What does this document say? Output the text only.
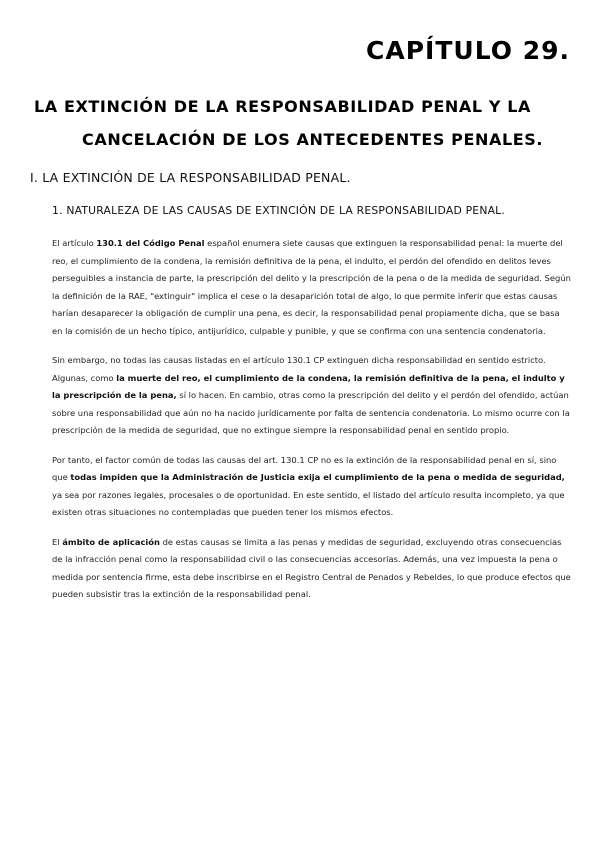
CAPÍTULO 29.
LA EXTINCIÓN DE LA RESPONSABILIDAD PENAL Y LA
CANCELACIÓN DE LOS ANTECEDENTES PENALES.
I. LA EXTINCIÓN DE LA RESPONSABILIDAD PENAL.
1. NATURALEZA DE LAS CAUSAS DE EXTINCIÓN DE LA RESPONSABILIDAD PENAL.

El artículo 130.1 del Código Penal español enumera siete causas que extinguen la responsabilidad penal: la muerte del reo, el cumplimiento de la condena, la remisión definitiva de la pena, el indulto, el perdón del ofendido en delitos leves perseguibles a instancia de parte, la prescripción del delito y la prescripción de la pena o de la medida de seguridad. Según la definición de la RAE, "extinguir" implica el cese o la desaparición total de algo, lo que permite inferir que estas causas harían desaparecer la obligación de cumplir una pena, es decir, la responsabilidad penal propiamente dicha, que se basa en la comisión de un hecho típico, antijurídico, culpable y punible, y que se confirma con una sentencia condenatoria.

Sin embargo, no todas las causas listadas en el artículo 130.1 CP extinguen dicha responsabilidad en sentido estricto. Algunas, como la muerte del reo, el cumplimiento de la condena, la remisión definitiva de la pena, el indulto y la prescripción de la pena, sí lo hacen. En cambio, otras como la prescripción del delito y el perdón del ofendido, actúan sobre una responsabilidad que aún no ha nacido jurídicamente por falta de sentencia condenatoria. Lo mismo ocurre con la prescripción de la medida de seguridad, que no extingue siempre la responsabilidad penal en sentido propio.

Por tanto, el factor común de todas las causas del art. 130.1 CP no es la extinción de la responsabilidad penal en sí, sino que todas impiden que la Administración de Justicia exija el cumplimiento de la pena o medida de seguridad, ya sea por razones legales, procesales o de oportunidad. En este sentido, el listado del artículo resulta incompleto, ya que existen otras situaciones no contempladas que pueden tener los mismos efectos.

El ámbito de aplicación de estas causas se limita a las penas y medidas de seguridad, excluyendo otras consecuencias de la infracción penal como la responsabilidad civil o las consecuencias accesorias. Además, una vez impuesta la pena o medida por sentencia firme, esta debe inscribirse en el Registro Central de Penados y Rebeldes, lo que produce efectos que pueden subsistir tras la extinción de la responsabilidad penal.
